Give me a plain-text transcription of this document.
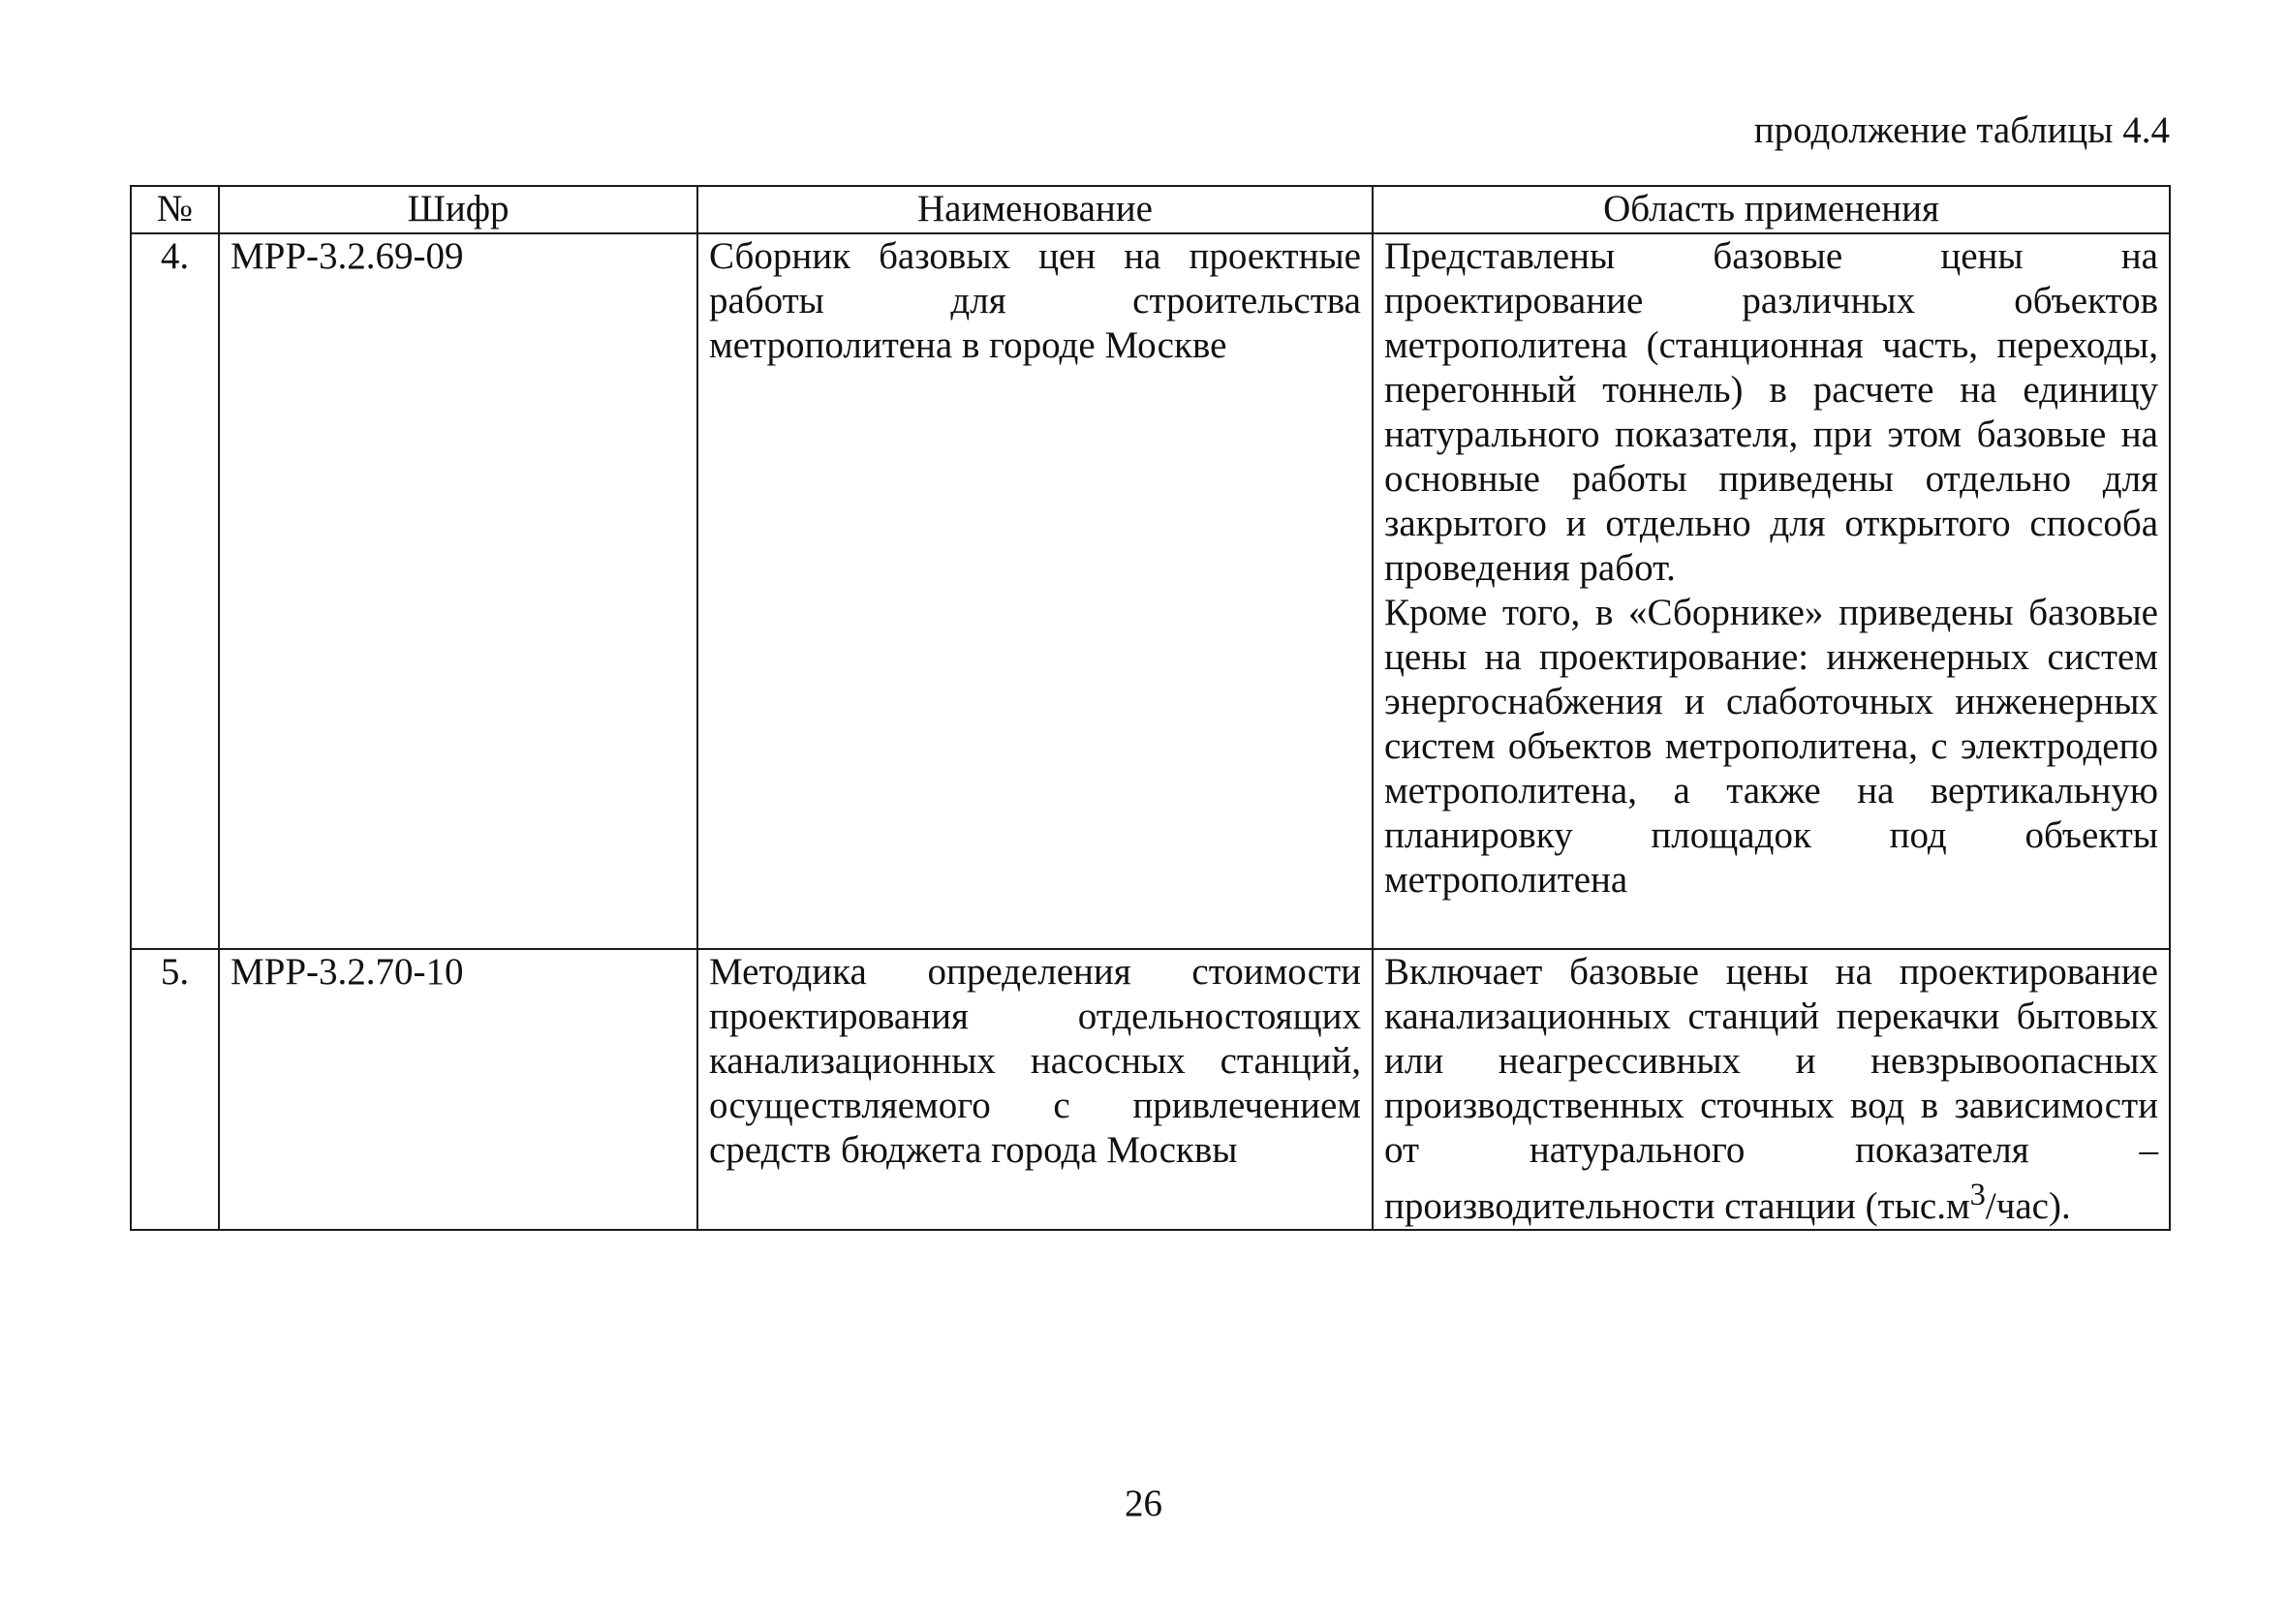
продолжение таблицы 4.4
№	Шифр	Наименование	Область применения
4.	МРР-3.2.69-09	Сборник базовых цен на проектные работы для строительства метрополитена в городе Москве	Представлены базовые цены на проектирование различных объектов метрополитена (станционная часть, переходы, перегонный тоннель) в расчете на единицу натурального показателя, при этом базовые на основные работы приведены отдельно для закрытого и отдельно для открытого способа проведения работ.

Кроме того, в «Сборнике» приведены базовые цены на проектирование: инженерных систем энергоснабжения и слаботочных инженерных систем объектов метрополитена, с электродепо метрополитена, а также на вертикальную планировку площадок под объекты метрополитена

5.	МРР-3.2.70-10	Методика определения стоимости проектирования отдельностоящих канализационных насосных станций, осуществляемого с привлечением средств бюджета города Москвы	Включает базовые цены на проектирование канализационных станций перекачки бытовых или неагрессивных и невзрывоопасных производственных сточных вод в зависимости от натурального показателя – производительности станции $(тыс.м^3/час)$.
26
